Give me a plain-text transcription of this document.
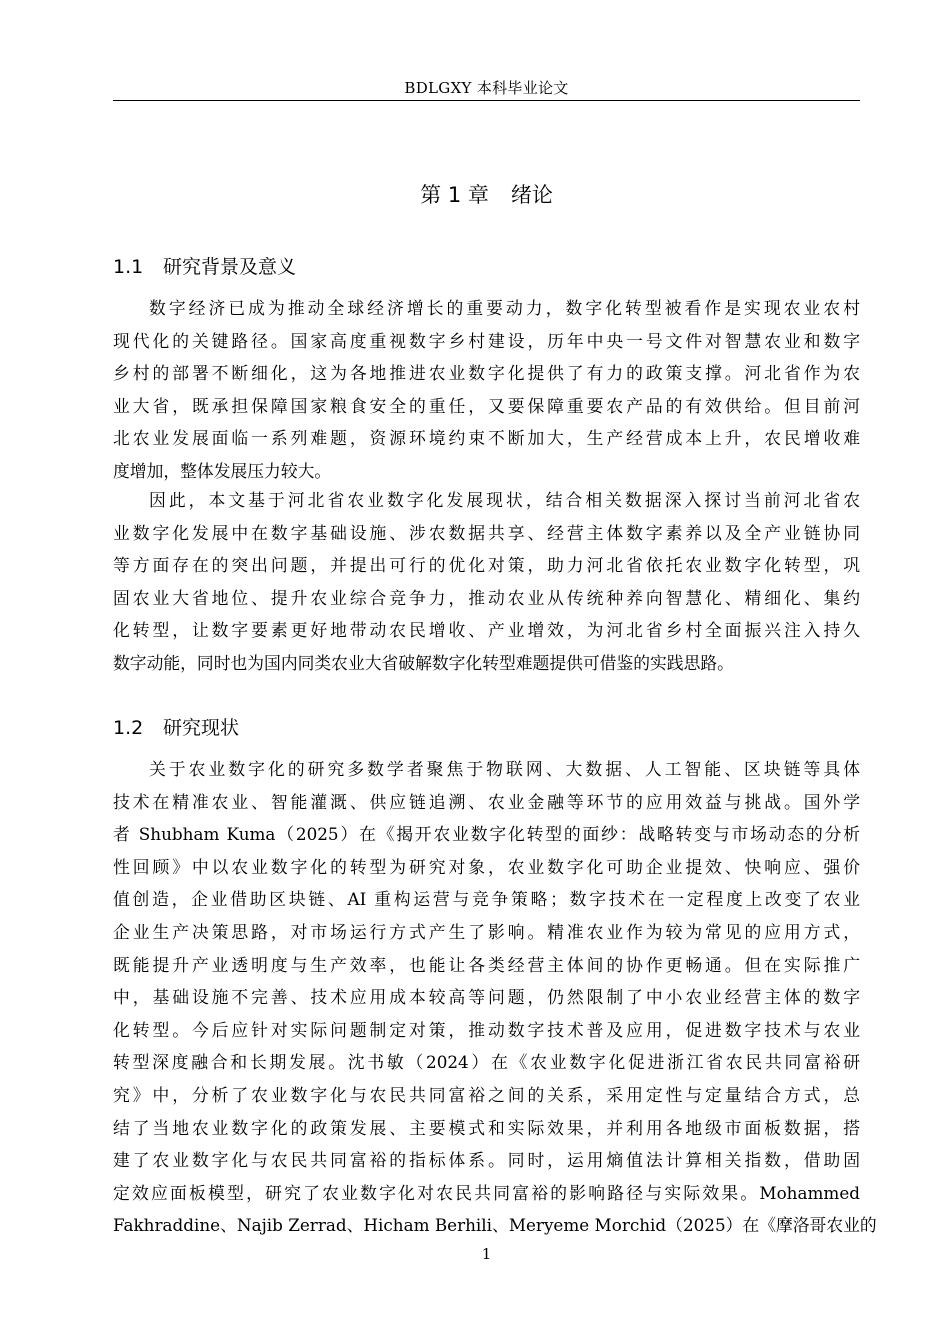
BDLGXY 本科毕业论文
第 1 章 绪论
1.1 研究背景及意义
数字经济已成为推动全球经济增长的重要动力，数字化转型被看作是实现农业农村
现代化的关键路径。国家高度重视数字乡村建设，历年中央一号文件对智慧农业和数字
乡村的部署不断细化，这为各地推进农业数字化提供了有力的政策支撑。河北省作为农
业大省，既承担保障国家粮食安全的重任，又要保障重要农产品的有效供给。但目前河
北农业发展面临一系列难题，资源环境约束不断加大，生产经营成本上升，农民增收难
度增加，整体发展压力较大。
因此，本文基于河北省农业数字化发展现状，结合相关数据深入探讨当前河北省农
业数字化发展中在数字基础设施、涉农数据共享、经营主体数字素养以及全产业链协同
等方面存在的突出问题，并提出可行的优化对策，助力河北省依托农业数字化转型，巩
固农业大省地位、提升农业综合竞争力，推动农业从传统种养向智慧化、精细化、集约
化转型，让数字要素更好地带动农民增收、产业增效，为河北省乡村全面振兴注入持久
数字动能，同时也为国内同类农业大省破解数字化转型难题提供可借鉴的实践思路。
1.2 研究现状
关于农业数字化的研究多数学者聚焦于物联网、大数据、人工智能、区块链等具体
技术在精准农业、智能灌溉、供应链追溯、农业金融等环节的应用效益与挑战。国外学
者 Shubham Kuma（2025）在《揭开农业数字化转型的面纱：战略转变与市场动态的分析
性回顾》中以农业数字化的转型为研究对象，农业数字化可助企业提效、快响应、强价
值创造，企业借助区块链、AI 重构运营与竞争策略；数字技术在一定程度上改变了农业
企业生产决策思路，对市场运行方式产生了影响。精准农业作为较为常见的应用方式，
既能提升产业透明度与生产效率，也能让各类经营主体间的协作更畅通。但在实际推广
中，基础设施不完善、技术应用成本较高等问题，仍然限制了中小农业经营主体的数字
化转型。今后应针对实际问题制定对策，推动数字技术普及应用，促进数字技术与农业
转型深度融合和长期发展。沈书敏（2024）在《农业数字化促进浙江省农民共同富裕研
究》中，分析了农业数字化与农民共同富裕之间的关系，采用定性与定量结合方式，总
结了当地农业数字化的政策发展、主要模式和实际效果，并利用各地级市面板数据，搭
建了农业数字化与农民共同富裕的指标体系。同时，运用熵值法计算相关指数，借助固
定效应面板模型，研究了农业数字化对农民共同富裕的影响路径与实际效果。Mohammed
Fakhraddine、Najib Zerrad、Hicham Berhili、Meryeme Morchid（2025）在《摩洛哥农业的
1
